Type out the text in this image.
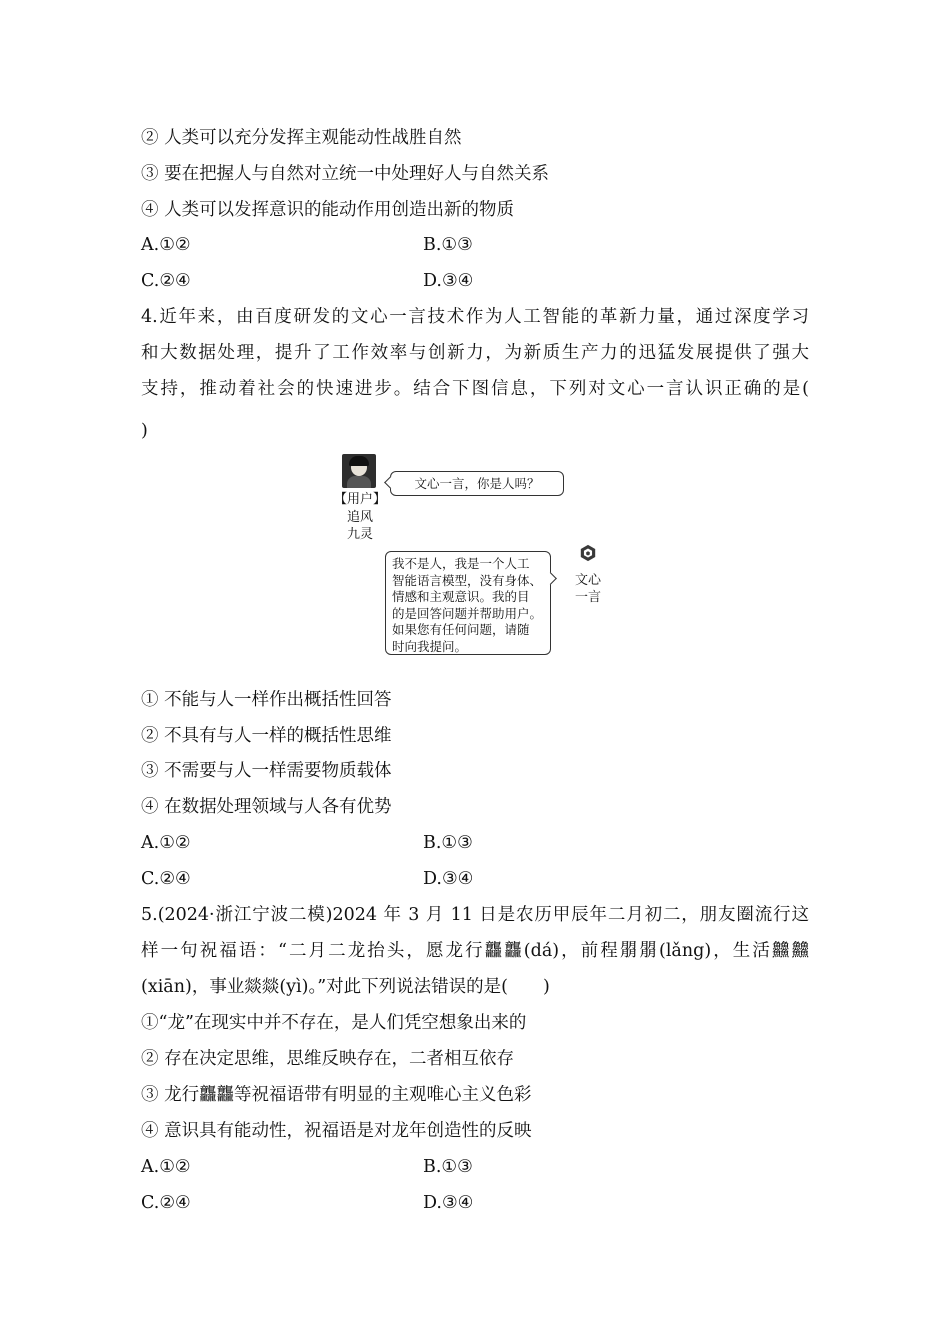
② 人类可以充分发挥主观能动性战胜自然
③ 要在把握人与自然对立统一中处理好人与自然关系
④ 人类可以发挥意识的能动作用创造出新的物质
A.①②	B.①③
C.②④	D.③④
4.近年来，由百度研发的文心一言技术作为人工智能的革新力量，通过深度学习
和大数据处理，提升了工作效率与创新力，为新质生产力的迅猛发展提供了强大
支持，推动着社会的快速进步。结合下图信息，下列对文心一言认识正确的是(
)
【用户】
追风
九灵
文心一言，你是人吗？
我不是人，我是一个人工
智能语言模型，没有身体、
情感和主观意识。我的目
的是回答问题并帮助用户。
如果您有任何问题，请随
时向我提问。
文心
一言
① 不能与人一样作出概括性回答
② 不具有与人一样的概括性思维
③ 不需要与人一样需要物质载体
④ 在数据处理领域与人各有优势
A.①②	B.①③
C.②④	D.③④
5.(2024·浙江宁波二模)2024 年 3 月 11 日是农历甲辰年二月初二，朋友圈流行这
样一句祝福语：“二月二龙抬头，愿龙行龘龘(dá)，前程朤朤(lǎng)，生活䲜䲜
(xiān)，事业燚燚(yì)。”对此下列说法错误的是(　　)
①“龙”在现实中并不存在，是人们凭空想象出来的
② 存在决定思维，思维反映存在，二者相互依存
③ 龙行龘龘等祝福语带有明显的主观唯心主义色彩
④ 意识具有能动性，祝福语是对龙年创造性的反映
A.①②	B.①③
C.②④	D.③④
